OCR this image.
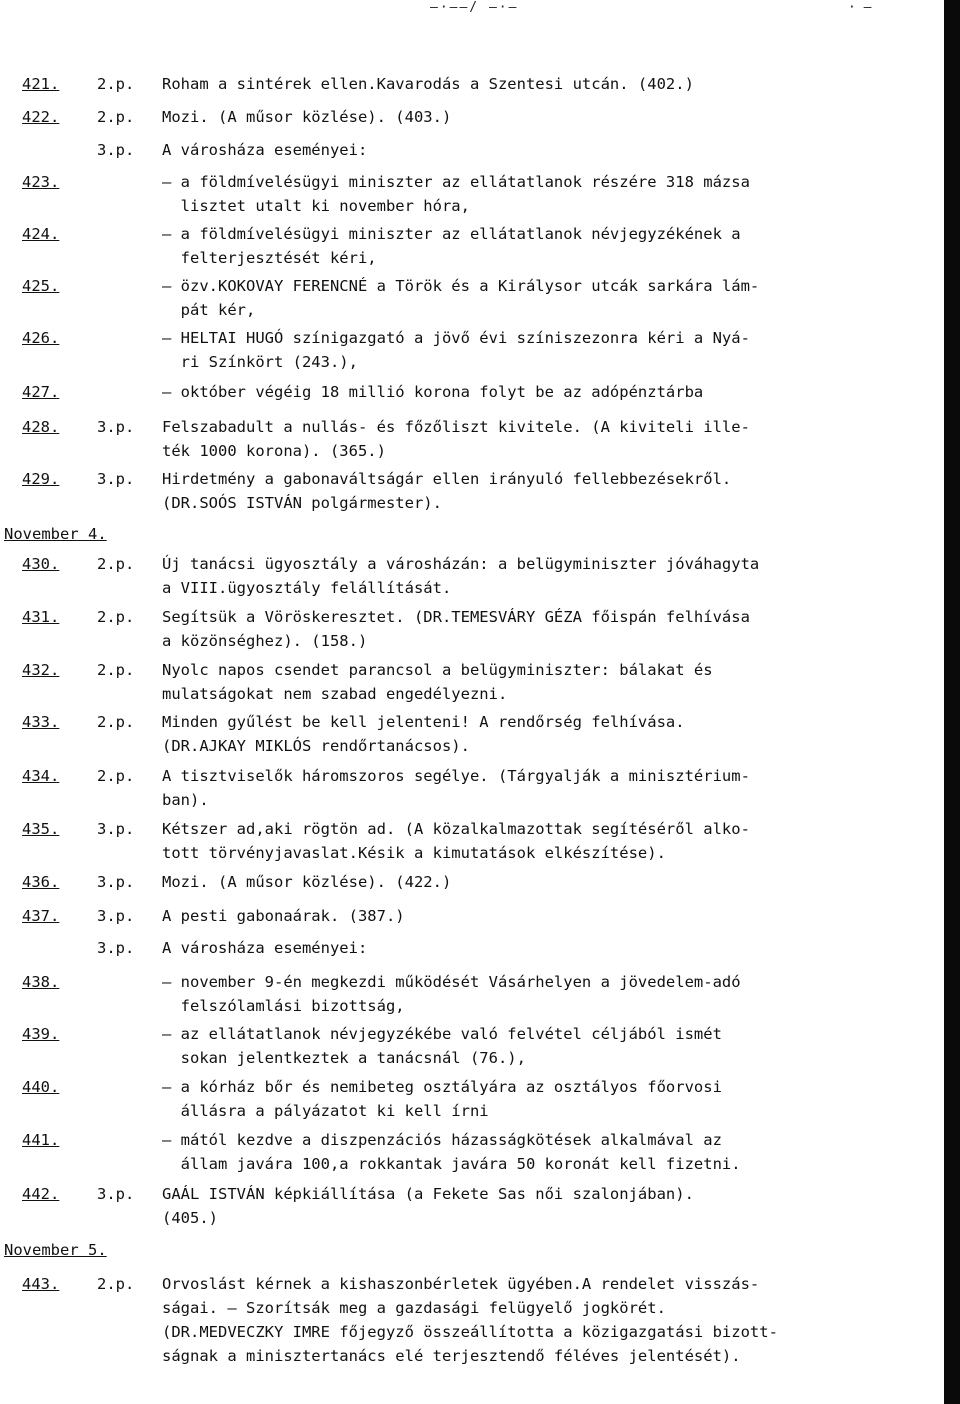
—·——/ —·—	· —
421. 2.p. Roham a sintérek ellen.Kavarodás a Szentesi utcán. (402.)
422. 2.p. Mozi. (A műsor közlése). (403.)
3.p. A városháza eseményei:
423.	— a földmívelésügyi miniszter az ellátatlanok részére 318 mázsa
lisztet utalt ki november hóra,
424.	— a földmívelésügyi miniszter az ellátatlanok névjegyzékének a
felterjesztését kéri,
425.	— özv.KOKOVAY FERENCNÉ a Török és a Királysor utcák sarkára lám-
pát kér,
426.	— HELTAI HUGÓ színigazgató a jövő évi színiszezonra kéri a Nyá-
ri Színkört (243.),
427.	— október végéig 18 millió korona folyt be az adópénztárba
428. 3.p. Felszabadult a nullás- és főzőliszt kivitele. (A kiviteli ille-
ték 1000 korona). (365.)
429. 3.p. Hirdetmény a gabonaváltságár ellen irányuló fellebbezésekről.
(DR.SOÓS ISTVÁN polgármester).
November 4.
430. 2.p. Új tanácsi ügyosztály a városházán: a belügyminiszter jóváhagyta
a VIII.ügyosztály felállítását.
431. 2.p. Segítsük a Vöröskeresztet. (DR.TEMESVÁRY GÉZA főispán felhívása
a közönséghez). (158.)
432. 2.p. Nyolc napos csendet parancsol a belügyminiszter: bálakat és
mulatságokat nem szabad engedélyezni.
433. 2.p. Minden gyűlést be kell jelenteni! A rendőrség felhívása.
(DR.AJKAY MIKLÓS rendőrtanácsos).
434. 2.p. A tisztviselők háromszoros segélye. (Tárgyalják a minisztérium-
ban).
435. 3.p. Kétszer ad,aki rögtön ad. (A közalkalmazottak segítéséről alko-
tott törvényjavaslat.Késik a kimutatások elkészítése).
436. 3.p. Mozi. (A műsor közlése). (422.)
437. 3.p. A pesti gabonaárak. (387.)
3.p. A városháza eseményei:
438.	— november 9-én megkezdi működését Vásárhelyen a jövedelem-adó
felszólamlási bizottság,
439.	— az ellátatlanok névjegyzékébe való felvétel céljából ismét
sokan jelentkeztek a tanácsnál (76.),
440.	— a kórház bőr és nemibeteg osztályára az osztályos főorvosi
állásra a pályázatot ki kell írni
441.	— mától kezdve a diszpenzációs házasságkötések alkalmával az
állam javára 100,a rokkantak javára 50 koronát kell fizetni.
442. 3.p. GAÁL ISTVÁN képkiállítása (a Fekete Sas női szalonjában).
(405.)
November 5.
443. 2.p. Orvoslást kérnek a kishaszonbérletek ügyében.A rendelet visszás-
ságai. — Szorítsák meg a gazdasági felügyelő jogkörét.
(DR.MEDVECZKY IMRE főjegyző összeállította a közigazgatási bizott-
ságnak a minisztertanács elé terjesztendő féléves jelentését).
